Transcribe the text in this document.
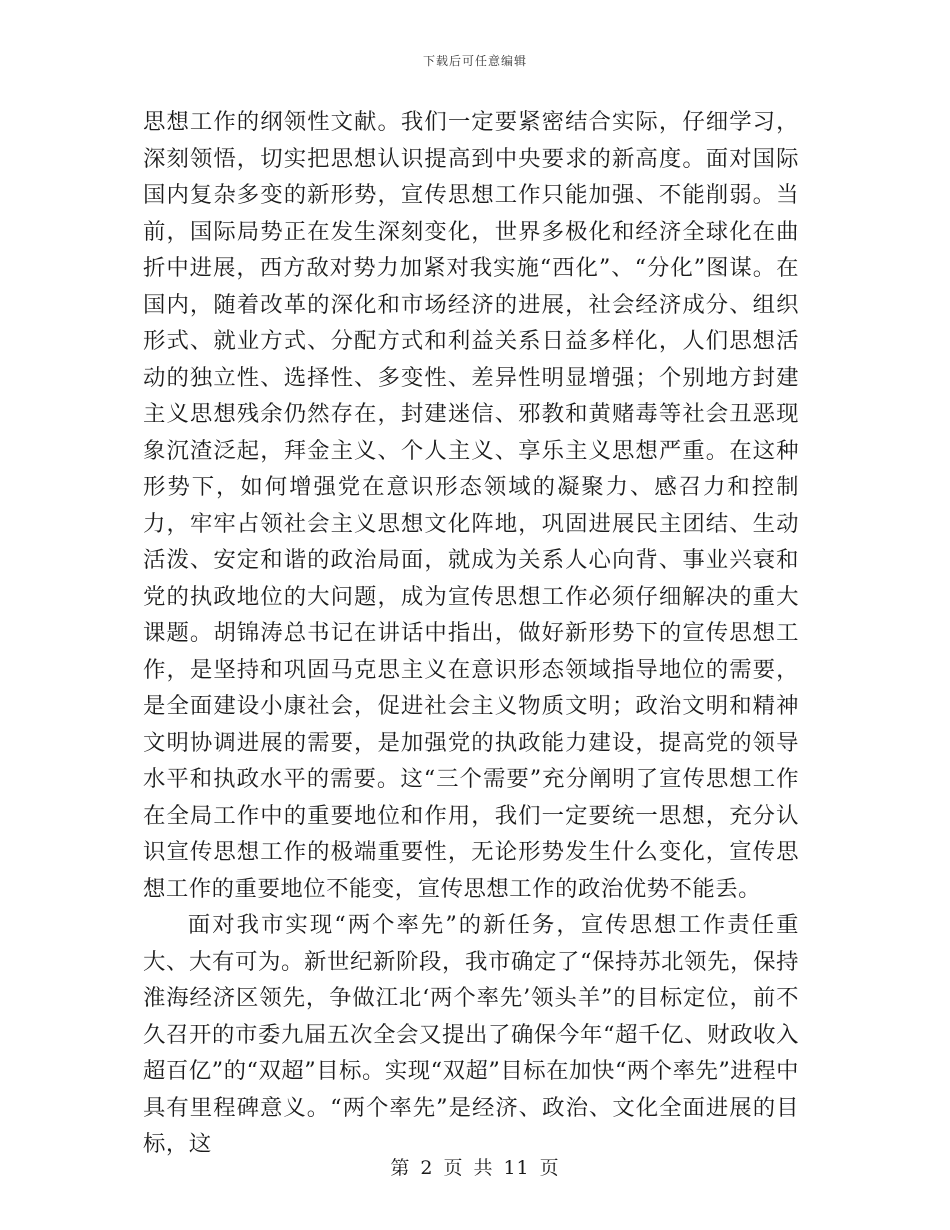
下载后可任意编辑

思想工作的纲领性文献。我们一定要紧密结合实际，仔细学习，深刻领悟，切实把思想认识提高到中央要求的新高度。面对国际国内复杂多变的新形势，宣传思想工作只能加强、不能削弱。当前，国际局势正在发生深刻变化，世界多极化和经济全球化在曲折中进展，西方敌对势力加紧对我实施“西化”、“分化”图谋。在国内，随着改革的深化和市场经济的进展，社会经济成分、组织形式、就业方式、分配方式和利益关系日益多样化，人们思想活动的独立性、选择性、多变性、差异性明显增强；个别地方封建主义思想残余仍然存在，封建迷信、邪教和黄赌毒等社会丑恶现象沉渣泛起，拜金主义、个人主义、享乐主义思想严重。在这种形势下，如何增强党在意识形态领域的凝聚力、感召力和控制力，牢牢占领社会主义思想文化阵地，巩固进展民主团结、生动活泼、安定和谐的政治局面，就成为关系人心向背、事业兴衰和党的执政地位的大问题，成为宣传思想工作必须仔细解决的重大课题。胡锦涛总书记在讲话中指出，做好新形势下的宣传思想工作，是坚持和巩固马克思主义在意识形态领域指导地位的需要，是全面建设小康社会，促进社会主义物质文明；政治文明和精神文明协调进展的需要，是加强党的执政能力建设，提高党的领导水平和执政水平的需要。这“三个需要”充分阐明了宣传思想工作在全局工作中的重要地位和作用，我们一定要统一思想，充分认识宣传思想工作的极端重要性，无论形势发生什么变化，宣传思想工作的重要地位不能变，宣传思想工作的政治优势不能丢。

面对我市实现“两个率先”的新任务，宣传思想工作责任重大、大有可为。新世纪新阶段，我市确定了“保持苏北领先，保持淮海经济区领先，争做江北‘两个率先’领头羊”的目标定位，前不久召开的市委九届五次全会又提出了确保今年“超千亿、财政收入超百亿”的“双超”目标。实现“双超”目标在加快“两个率先”进程中具有里程碑意义。“两个率先”是经济、政治、文化全面进展的目标，这

第 2 页 共 11 页
